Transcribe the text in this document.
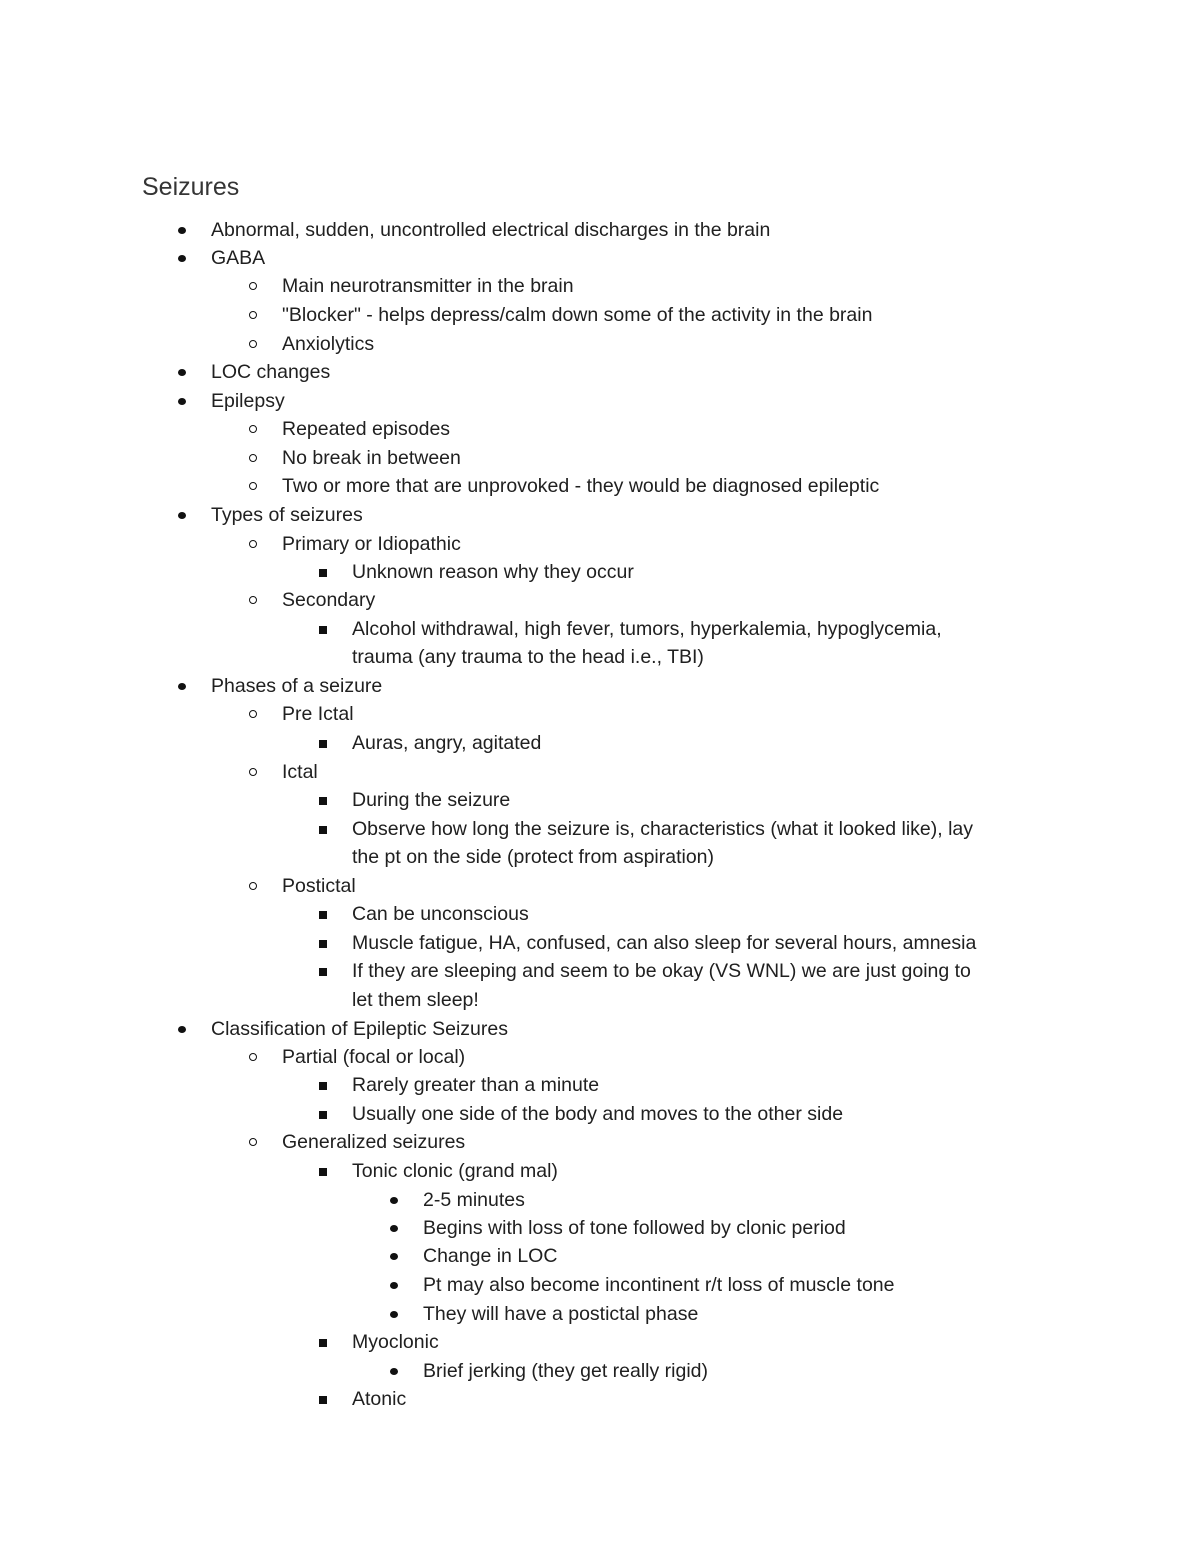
Seizures
Abnormal, sudden, uncontrolled electrical discharges in the brain
GABA
Main neurotransmitter in the brain
"Blocker" - helps depress/calm down some of the activity in the brain
Anxiolytics
LOC changes
Epilepsy
Repeated episodes
No break in between
Two or more that are unprovoked - they would be diagnosed epileptic
Types of seizures
Primary or Idiopathic
Unknown reason why they occur
Secondary
Alcohol withdrawal, high fever, tumors, hyperkalemia, hypoglycemia,
trauma (any trauma to the head i.e., TBI)
Phases of a seizure
Pre Ictal
Auras, angry, agitated
Ictal
During the seizure
Observe how long the seizure is, characteristics (what it looked like), lay
the pt on the side (protect from aspiration)
Postictal
Can be unconscious
Muscle fatigue, HA, confused, can also sleep for several hours, amnesia
If they are sleeping and seem to be okay (VS WNL) we are just going to
let them sleep!
Classification of Epileptic Seizures
Partial (focal or local)
Rarely greater than a minute
Usually one side of the body and moves to the other side
Generalized seizures
Tonic clonic (grand mal)
2-5 minutes
Begins with loss of tone followed by clonic period
Change in LOC
Pt may also become incontinent r/t loss of muscle tone
They will have a postictal phase
Myoclonic
Brief jerking (they get really rigid)
Atonic
